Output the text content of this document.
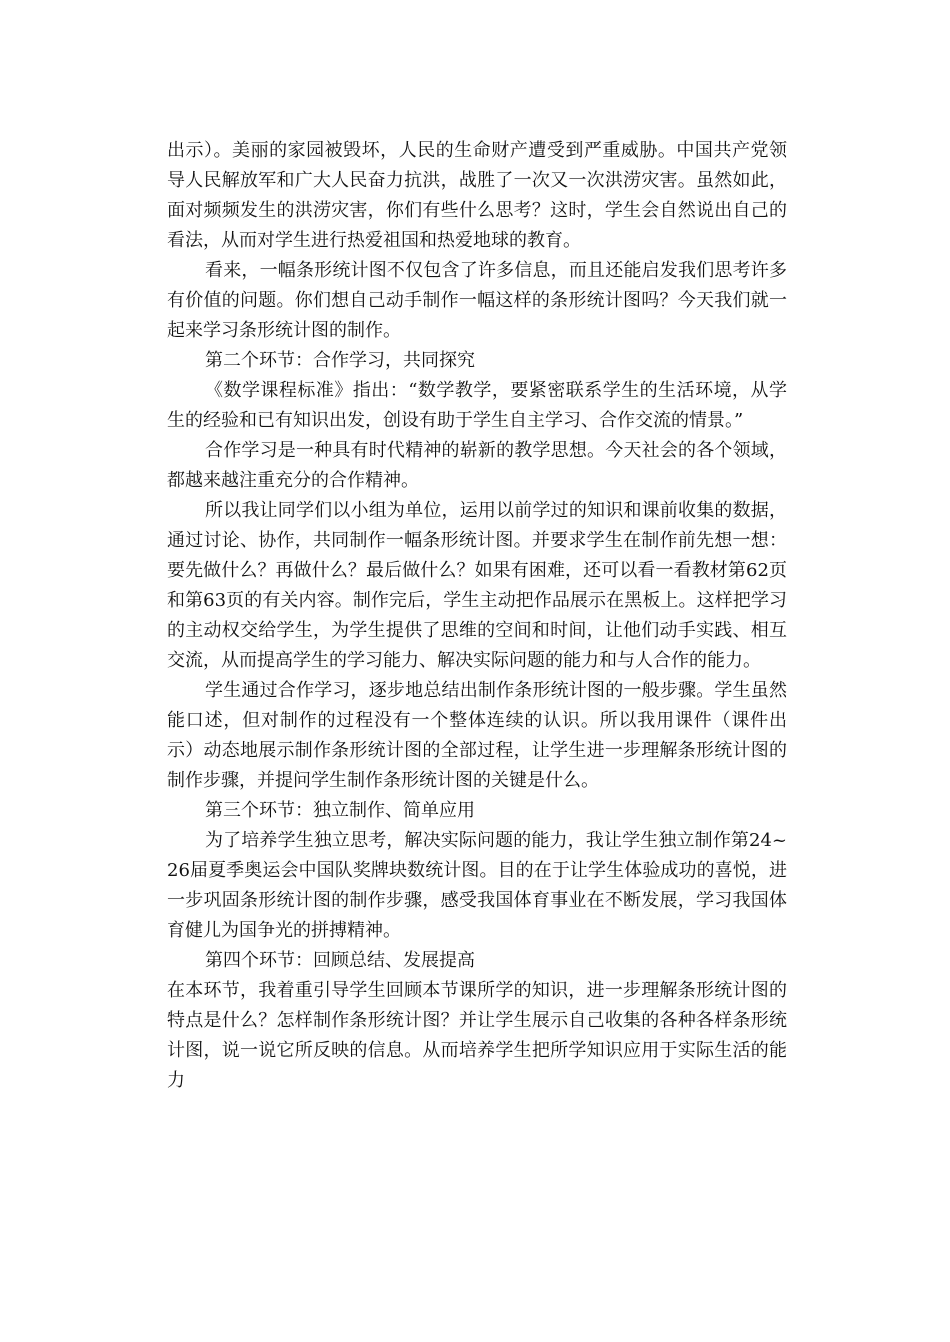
出示）。美丽的家园被毁坏，人民的生命财产遭受到严重威胁。中国共产党领导人民解放军和广大人民奋力抗洪，战胜了一次又一次洪涝灾害。虽然如此，面对频频发生的洪涝灾害，你们有些什么思考？这时，学生会自然说出自己的看法，从而对学生进行热爱祖国和热爱地球的教育。

看来，一幅条形统计图不仅包含了许多信息，而且还能启发我们思考许多有价值的问题。你们想自己动手制作一幅这样的条形统计图吗？今天我们就一起来学习条形统计图的制作。

第二个环节：合作学习，共同探究

《数学课程标准》指出：“数学教学，要紧密联系学生的生活环境，从学生的经验和已有知识出发，创设有助于学生自主学习、合作交流的情景。”

合作学习是一种具有时代精神的崭新的教学思想。今天社会的各个领域，都越来越注重充分的合作精神。

所以我让同学们以小组为单位，运用以前学过的知识和课前收集的数据，通过讨论、协作，共同制作一幅条形统计图。并要求学生在制作前先想一想：要先做什么？再做什么？最后做什么？如果有困难，还可以看一看教材第62页和第63页的有关内容。制作完后，学生主动把作品展示在黑板上。这样把学习的主动权交给学生，为学生提供了思维的空间和时间，让他们动手实践、相互交流，从而提高学生的学习能力、解决实际问题的能力和与人合作的能力。

学生通过合作学习，逐步地总结出制作条形统计图的一般步骤。学生虽然能口述，但对制作的过程没有一个整体连续的认识。所以我用课件（课件出示）动态地展示制作条形统计图的全部过程，让学生进一步理解条形统计图的制作步骤，并提问学生制作条形统计图的关键是什么。

第三个环节：独立制作、简单应用

为了培养学生独立思考，解决实际问题的能力，我让学生独立制作第24~26届夏季奥运会中国队奖牌块数统计图。目的在于让学生体验成功的喜悦，进一步巩固条形统计图的制作步骤，感受我国体育事业在不断发展，学习我国体育健儿为国争光的拼搏精神。

第四个环节：回顾总结、发展提高

在本环节，我着重引导学生回顾本节课所学的知识，进一步理解条形统计图的特点是什么？怎样制作条形统计图？并让学生展示自己收集的各种各样条形统计图，说一说它所反映的信息。从而培养学生把所学知识应用于实际生活的能力
